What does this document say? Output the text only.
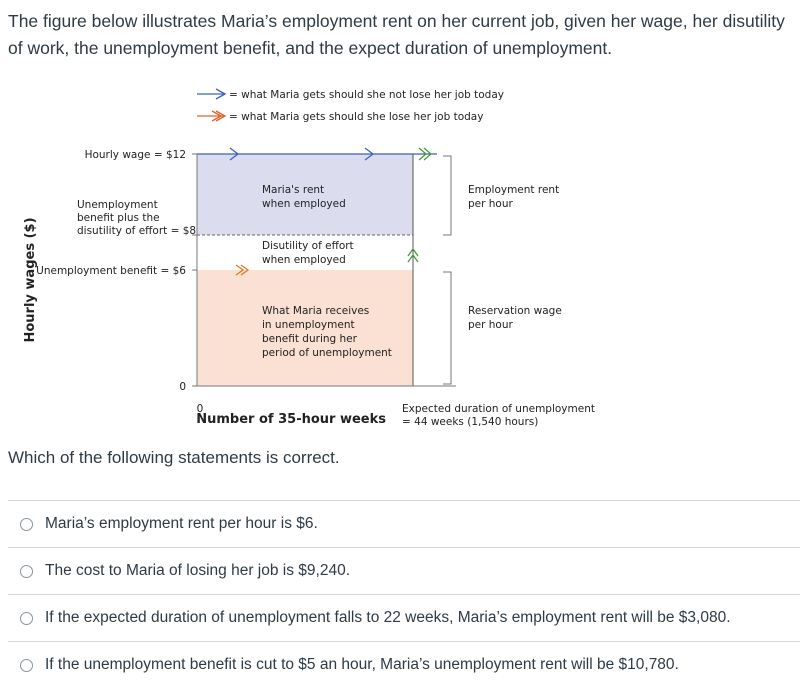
The figure below illustrates Maria’s employment rent on her current job, given her wage, her disutility of work, the unemployment benefit, and the expect duration of unemployment.

= what Maria gets should she not lose her job today
= what Maria gets should she lose her job today
Hourly wage = $12
Unemployment
benefit plus the
disutility of effort = $8
Unemployment benefit = $6
0
Hourly wages ($)
0
Number of 35-hour weeks
Expected duration of unemployment
= 44 weeks (1,540 hours)
Maria's rent
when employed
Disutility of effort
when employed
What Maria receives
in unemployment
benefit during her
period of unemployment
Employment rent
per hour
Reservation wage
per hour

Which of the following statements is correct.

Maria’s employment rent per hour is $6.
The cost to Maria of losing her job is $9,240.
If the expected duration of unemployment falls to 22 weeks, Maria’s employment rent will be $3,080.
If the unemployment benefit is cut to $5 an hour, Maria’s unemployment rent will be $10,780.
